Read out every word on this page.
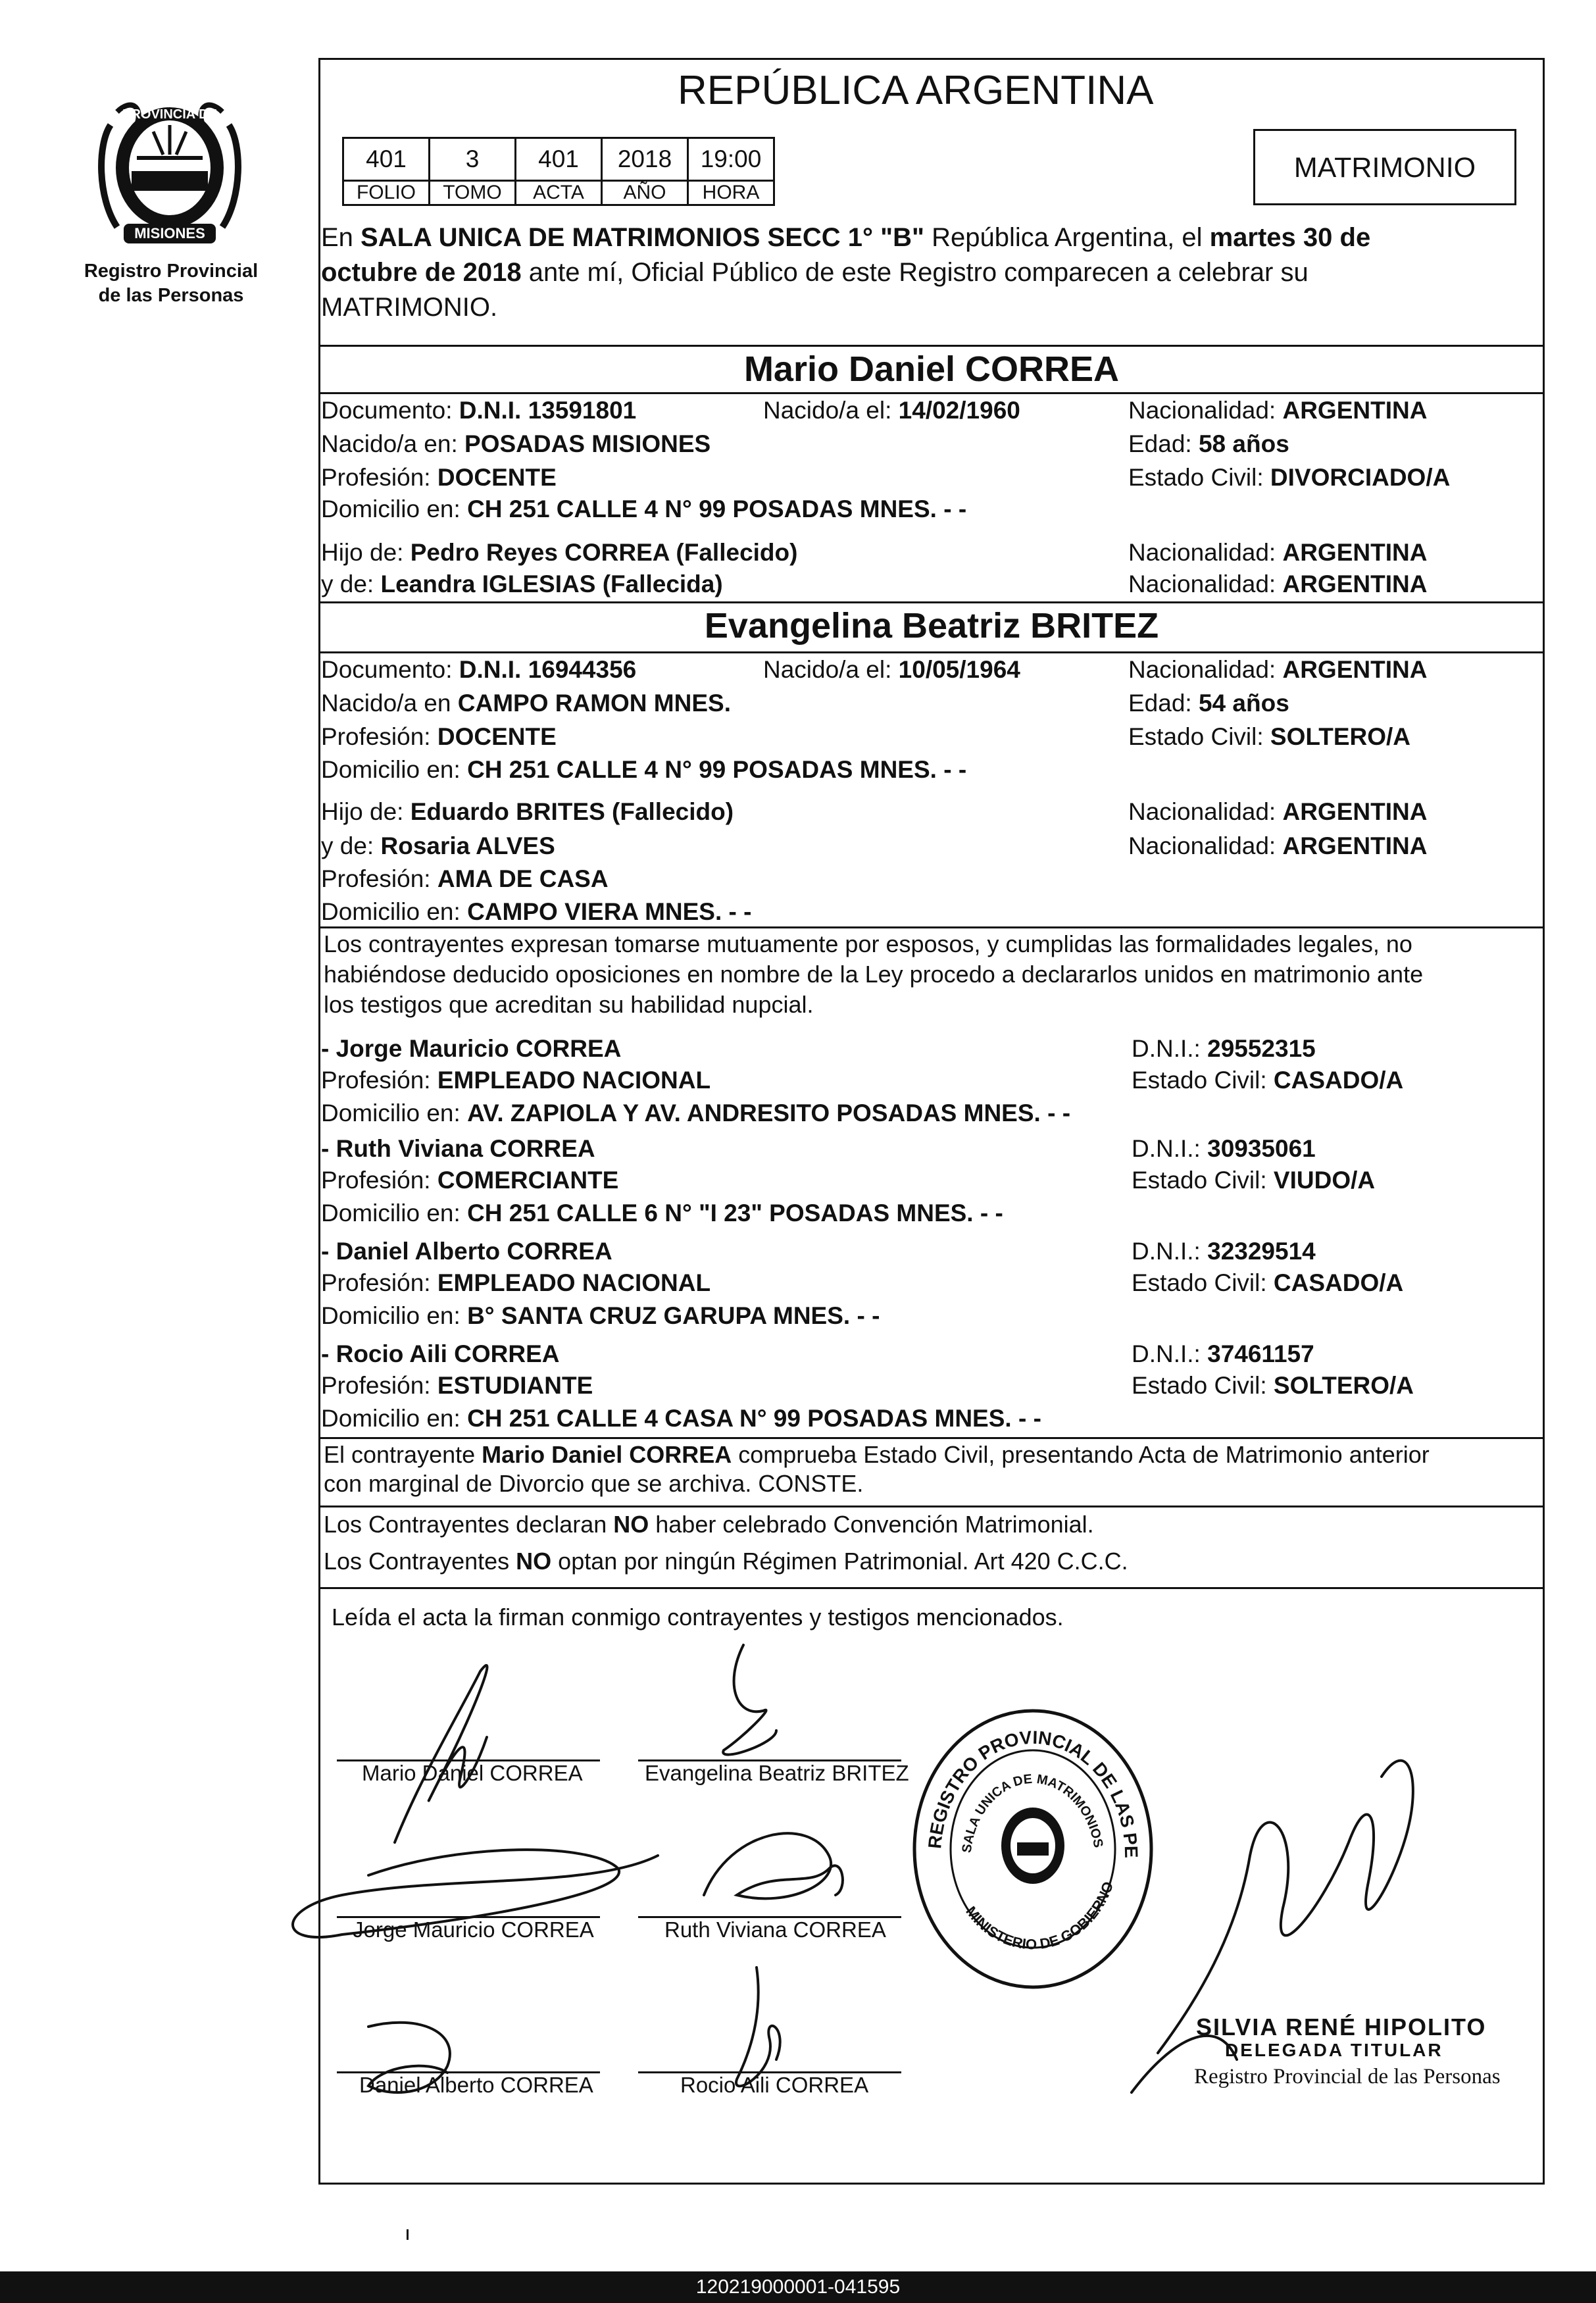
PROVINCIA DE
MISIONES
Registro Provincial
de las Personas
REPÚBLICA ARGENTINA
401	3	401	2018	19:00
FOLIO	TOMO	ACTA	AÑO	HORA
MATRIMONIO
En SALA UNICA DE MATRIMONIOS SECC 1° "B" República Argentina, el martes 30 de
octubre de 2018 ante mí, Oficial Público de este Registro comparecen a celebrar su
MATRIMONIO.
Mario Daniel CORREA
Documento: D.N.I. 13591801	Nacido/a el: 14/02/1960	Nacionalidad: ARGENTINA
Nacido/a en: POSADAS MISIONES	Edad: 58 años
Profesión: DOCENTE	Estado Civil: DIVORCIADO/A
Domicilio en: CH 251 CALLE 4 N° 99 POSADAS MNES. - -
Hijo de: Pedro Reyes CORREA (Fallecido)	Nacionalidad: ARGENTINA
y de: Leandra IGLESIAS (Fallecida)	Nacionalidad: ARGENTINA
Evangelina Beatriz BRITEZ
Documento: D.N.I. 16944356	Nacido/a el: 10/05/1964	Nacionalidad: ARGENTINA
Nacido/a en CAMPO RAMON MNES.	Edad: 54 años
Profesión: DOCENTE	Estado Civil: SOLTERO/A
Domicilio en: CH 251 CALLE 4 N° 99 POSADAS MNES. - -
Hijo de: Eduardo BRITES (Fallecido)	Nacionalidad: ARGENTINA
y de: Rosaria ALVES	Nacionalidad: ARGENTINA
Profesión: AMA DE CASA
Domicilio en: CAMPO VIERA MNES. - -
Los contrayentes expresan tomarse mutuamente por esposos, y cumplidas las formalidades legales, no
habiéndose deducido oposiciones en nombre de la Ley procedo a declararlos unidos en matrimonio ante
los testigos que acreditan su habilidad nupcial.
- Jorge Mauricio CORREA	D.N.I.: 29552315
Profesión: EMPLEADO NACIONAL	Estado Civil: CASADO/A
Domicilio en: AV. ZAPIOLA Y AV. ANDRESITO POSADAS MNES. - -
- Ruth Viviana CORREA	D.N.I.: 30935061
Profesión: COMERCIANTE	Estado Civil: VIUDO/A
Domicilio en: CH 251 CALLE 6 N° "I 23" POSADAS MNES. - -
- Daniel Alberto CORREA	D.N.I.: 32329514
Profesión: EMPLEADO NACIONAL	Estado Civil: CASADO/A
Domicilio en: B° SANTA CRUZ GARUPA MNES. - -
- Rocio Aili CORREA	D.N.I.: 37461157
Profesión: ESTUDIANTE	Estado Civil: SOLTERO/A
Domicilio en: CH 251 CALLE 4 CASA N° 99 POSADAS MNES. - -
El contrayente Mario Daniel CORREA comprueba Estado Civil, presentando Acta de Matrimonio anterior
con marginal de Divorcio que se archiva. CONSTE.
Los Contrayentes declaran NO haber celebrado Convención Matrimonial.
Los Contrayentes NO optan por ningún Régimen Patrimonial. Art 420 C.C.C.
Leída el acta la firman conmigo contrayentes y testigos mencionados.
Mario Daniel CORREA	Evangelina Beatriz BRITEZ
Jorge Mauricio CORREA	Ruth Viviana CORREA
Daniel Alberto CORREA	Rocio Aili CORREA
REGISTRO PROVINCIAL DE LAS PERSONAS
SALA UNICA DE MATRIMONIOS
MINISTERIO DE GOBIERNO
SILVIA RENÉ HIPOLITO
DELEGADA TITULAR
Registro Provincial de las Personas
120219000001-041595
